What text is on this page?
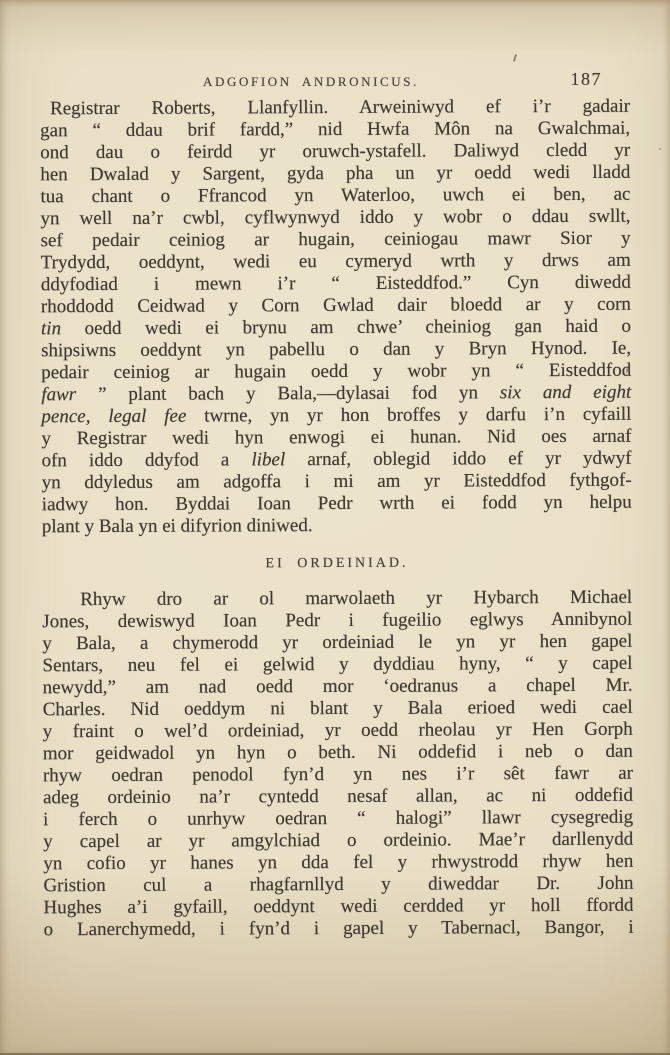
ADGOFION ANDRONICUS.	187
Registrar Roberts, Llanfyllin. Arweiniwyd ef i’r gadair
gan “ ddau brif fardd,” nid Hwfa Môn na Gwalchmai,
ond dau o feirdd yr oruwch-ystafell. Daliwyd cledd yr
hen Dwalad y Sargent, gyda pha un yr oedd wedi lladd
tua chant o Ffrancod yn Waterloo, uwch ei ben, ac
yn well na’r cwbl, cyflwynwyd iddo y wobr o ddau swllt,
sef pedair ceiniog ar hugain, ceiniogau mawr Sior y
Trydydd, oeddynt, wedi eu cymeryd wrth y drws am
ddyfodiad i mewn i’r “ Eisteddfod.” Cyn diwedd
rhoddodd Ceidwad y Corn Gwlad dair bloedd ar y corn
tin oedd wedi ei brynu am chwe’ cheiniog gan haid o
shipsiwns oeddynt yn pabellu o dan y Bryn Hynod. Ie,
pedair ceiniog ar hugain oedd y wobr yn “ Eisteddfod
fawr ” plant bach y Bala,—dylasai fod yn six and eight
pence, legal fee twrne, yn yr hon broffes y darfu i’n cyfaill
y Registrar wedi hyn enwogi ei hunan. Nid oes arnaf
ofn iddo ddyfod a libel arnaf, oblegid iddo ef yr ydwyf
yn ddyledus am adgoffa i mi am yr Eisteddfod fythgof-
iadwy hon. Byddai Ioan Pedr wrth ei fodd yn helpu
plant y Bala yn ei difyrion diniwed.
EI ORDEINIAD.
Rhyw dro ar ol marwolaeth yr Hybarch Michael
Jones, dewiswyd Ioan Pedr i fugeilio eglwys Annibynol
y Bala, a chymerodd yr ordeiniad le yn yr hen gapel
Sentars, neu fel ei gelwid y dyddiau hyny, “ y capel
newydd,” am nad oedd mor ‘oedranus a chapel Mr.
Charles. Nid oeddym ni blant y Bala erioed wedi cael
y fraint o wel’d ordeiniad, yr oedd rheolau yr Hen Gorph
mor geidwadol yn hyn o beth. Ni oddefid i neb o dan
rhyw oedran penodol fyn’d yn nes i’r sêt fawr ar
adeg ordeinio na’r cyntedd nesaf allan, ac ni oddefid
i ferch o unrhyw oedran “ halogi” llawr cysegredig
y capel ar yr amgylchiad o ordeinio. Mae’r darllenydd
yn cofio yr hanes yn dda fel y rhwystrodd rhyw hen
Gristion cul a rhagfarnllyd y diweddar Dr. John
Hughes a’i gyfaill, oeddynt wedi cerdded yr holl ffordd
o Lanerchymedd, i fyn’d i gapel y Tabernacl, Bangor, i
